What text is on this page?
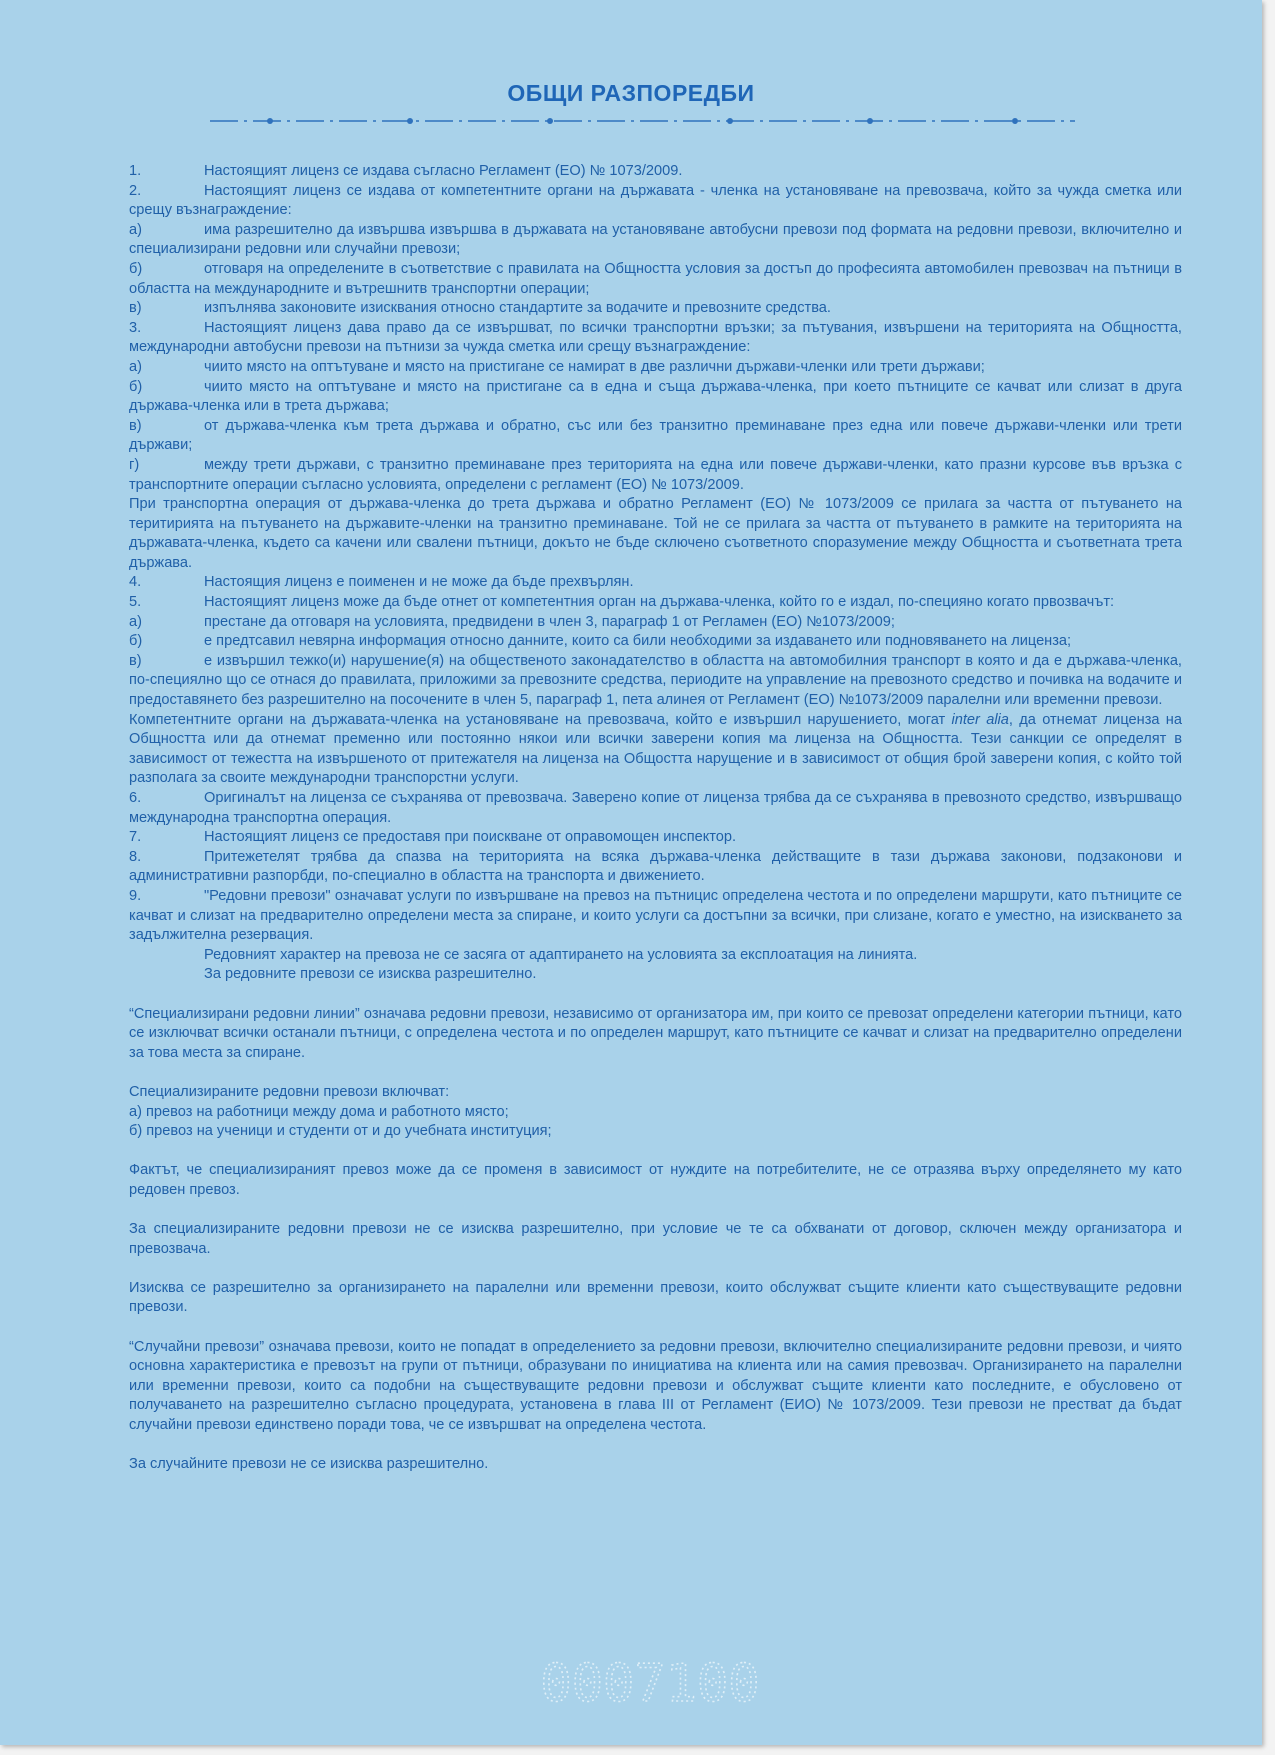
ОБЩИ РАЗПОРЕДБИ

1.	Настоящият лиценз се издава съгласно Регламент (ЕО) № 1073/2009.

2.	Настоящият лиценз се издава от компетентните органи на държавата - членка на установяване на превозвача, който за чужда сметка или срещу възнаграждение:

а)	има разрешително да извършва извършва в държавата на установяване автобусни превози под формата на редовни превози, включително и специализирани редовни или случайни превози;

б)	отговаря на определените в съответствие с правилата на Общността условия за достъп до професията автомобилен превозвач на пътници в областта на международните и вътрешнитв транспортни операции;

в)	изпълнява законовите изисквания относно стандартите за водачите и превозните средства.

3.	Настоящият лиценз дава право да се извършват, по всички транспортни връзки; за пътувания, извършени на територията на Общността, международни автобусни превози на пътнизи за чужда сметка или срещу възнаграждение:

а)	чиито място на оптътуване и място на пристигане се намират в две различни държави-членки или трети държави;

б)	чиито място на оптътуване и място на пристигане са в една и съща държава-членка, при което пътниците се качват или слизат в друга държава-членка или в трета държава;

в)	от държава-членка към трета държава и обратно, със или без транзитно преминаване през една или повече държави-членки или трети държави;

г)	между трети държави, с транзитно преминаване през територията на една или повече държави-членки, като празни курсове във връзка с транспортните операции съгласно условията, определени с регламент (ЕО) № 1073/2009.

При транспортна операция от държава-членка до трета държава и обратно Регламент (ЕО) № 1073/2009 се прилага за частта от пътуването на теритирията на пътуването на държавите-членки на транзитно преминаване. Той не се прилага за частта от пътуването в рамките на територията на държавата-членка, където са качени или свалени пътници, докъто не бъде сключено съответното споразумение между Общността и съответната трета държава.

4.	Настоящия лиценз е поименен и не може да бъде прехвърлян.

5.	Настоящият лиценз може да бъде отнет от компетентния орган на държава-членка, който го е издал, по-специяно когато првозвачът:

а)	престане да отговаря на условията, предвидени в член 3, параграф 1 от Регламен (ЕО) №1073/2009;

б)	е предтсавил невярна информация относно данните, които са били необходими за издаването или подновяването на лиценза;

в)	е извършил тежко(и) нарушение(я) на общественото законадателство в областта на автомобилния транспорт в която и да е държава-членка, по-специялно що се отнася до правилата, приложими за превозните средства, периодите на управление на превозното средство и почивка на водачите и предоставянето без разрешително на посочените в член 5, параграф 1, пета алинея от Регламент (ЕО) №1073/2009 паралелни или временни превози.

Компетентните органи на държавата-членка на установяване на превозвача, който е извършил нарушението, могат inter alia, да отнемат лиценза на Общността или да отнемат пременно или постоянно някои или всички заверени копия ма лиценза на Общността. Тези санкции се определят в зависимост от тежестта на извършеното от притежателя на лиценза на Общостта нарущение и в зависимост от общия брой заверени копия, с който той разполага за своите международни транспорстни услуги.

6.	Оригиналът на лиценза се съхранява от превозвача. Заверено копие от лиценза трябва да се съхранява в превозното средство, извършващо международна транспортна операция.

7.	Настоящият лиценз се предоставя при поискване от оправомощен инспектор.

8.	Притежетелят трябва да спазва на територията на всяка държава-членка действащите в тази държава законови, подзаконови и административни разпорбди, по-специално в областта на транспорта и движението.

9.	"Редовни превози" означават услуги по извършване на превоз на пътницис определена честота и по определени маршрути, като пътниците се качват и слизат на предварително определени места за спиране, и които услуги са достъпни за всички, при слизане, когато е уместно, на изискването за задължителна резервация.

Редовният характер на превоза не се засяга от адаптирането на условията за експлоатация на линията.

За редовните превози се изисква разрешително.

“Специализирани редовни линии” означава редовни превози, независимо от организатора им, при които се превозат определени категории пътници, като се изключват всички останали пътници, с определена честота и по определен маршрут, като пътниците се качват и слизат на предварително определени за това места за спиране.

Специализираните редовни превози включват:

а) превоз на работници между дома и работното място;

б) превоз на ученици и студенти от и до учебната институция;

Фактът, че специализираният превоз може да се променя в зависимост от нуждите на потребителите, не се отразява върху определянето му като редовен превоз.

За специализираните редовни превози не се изисква разрешително, при условие че те са обхванати от договор, сключен между организатора и превозвача.

Изисква се разрешително за организирането на паралелни или временни превози, които обслужват същите клиенти като съществуващите редовни превози.

“Случайни превози” означава превози, които не попадат в определението за редовни превози, включително специализираните редовни превози, и чиято основна характеристика е превозът на групи от пътници, образувани по инициатива на клиента или на самия превозвач. Организирането на паралелни или временни превози, които са подобни на съществуващите редовни превози и обслужват същите клиенти като последните, е обусловено от получаването на разрешително съгласно процедурата, установена в глава III от Регламент (ЕИО) № 1073/2009. Тези превози не престват да бъдат случайни превози единствено поради това, че се извършват на определена честота.

За случайните превози не се изисква разрешително.

0007100
